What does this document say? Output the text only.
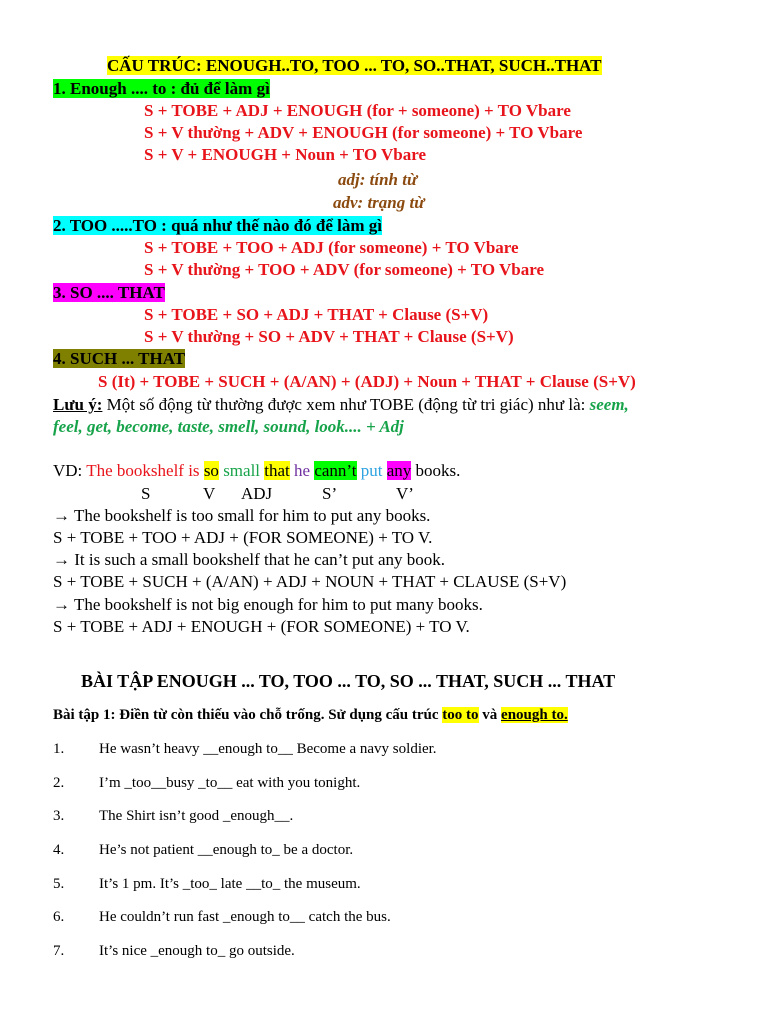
CẤU TRÚC: ENOUGH..TO, TOO ... TO, SO..THAT, SUCH..THAT
1. Enough .... to : đủ để làm gì
S + TOBE + ADJ + ENOUGH (for + someone) + TO Vbare
S + V thường + ADV + ENOUGH (for someone) + TO Vbare
S + V + ENOUGH + Noun + TO Vbare
adj: tính từ
adv: trạng từ
2. TOO .....TO : quá như thế nào đó để làm gì
S + TOBE + TOO + ADJ (for someone) + TO Vbare
S + V thường + TOO + ADV (for someone) + TO Vbare
3. SO .... THAT
S + TOBE + SO + ADJ + THAT + Clause (S+V)
S + V thường + SO + ADV + THAT + Clause (S+V)
4. SUCH ... THAT
S (It) + TOBE + SUCH + (A/AN) + (ADJ) + Noun + THAT + Clause (S+V)
Lưu ý: Một số động từ thường được xem như TOBE (động từ tri giác) như là: seem,
feel, get, become, taste, smell, sound, look.... + Adj
VD: The bookshelf is so small that he cann’t put any books.
S	V ADJ	S’	V’
→ The bookshelf is too small for him to put any books.
S + TOBE + TOO + ADJ + (FOR SOMEONE) + TO V.
→ It is such a small bookshelf that he can’t put any book.
S + TOBE + SUCH + (A/AN) + ADJ + NOUN + THAT + CLAUSE (S+V)
→ The bookshelf is not big enough for him to put many books.
S + TOBE + ADJ + ENOUGH + (FOR SOMEONE) + TO V.
BÀI TẬP ENOUGH ... TO, TOO ... TO, SO ... THAT, SUCH ... THAT
Bài tập 1: Điền từ còn thiếu vào chỗ trống. Sử dụng cấu trúc too to và enough to.
1. He wasn’t heavy __enough to__ Become a navy soldier.
2. I’m _too__busy _to__ eat with you tonight.
3. The Shirt isn’t good _enough__.
4. He’s not patient __enough to_ be a doctor.
5. It’s 1 pm. It’s _too_ late __to_ the museum.
6. He couldn’t run fast _enough to__ catch the bus.
7. It’s nice _enough to_ go outside.
